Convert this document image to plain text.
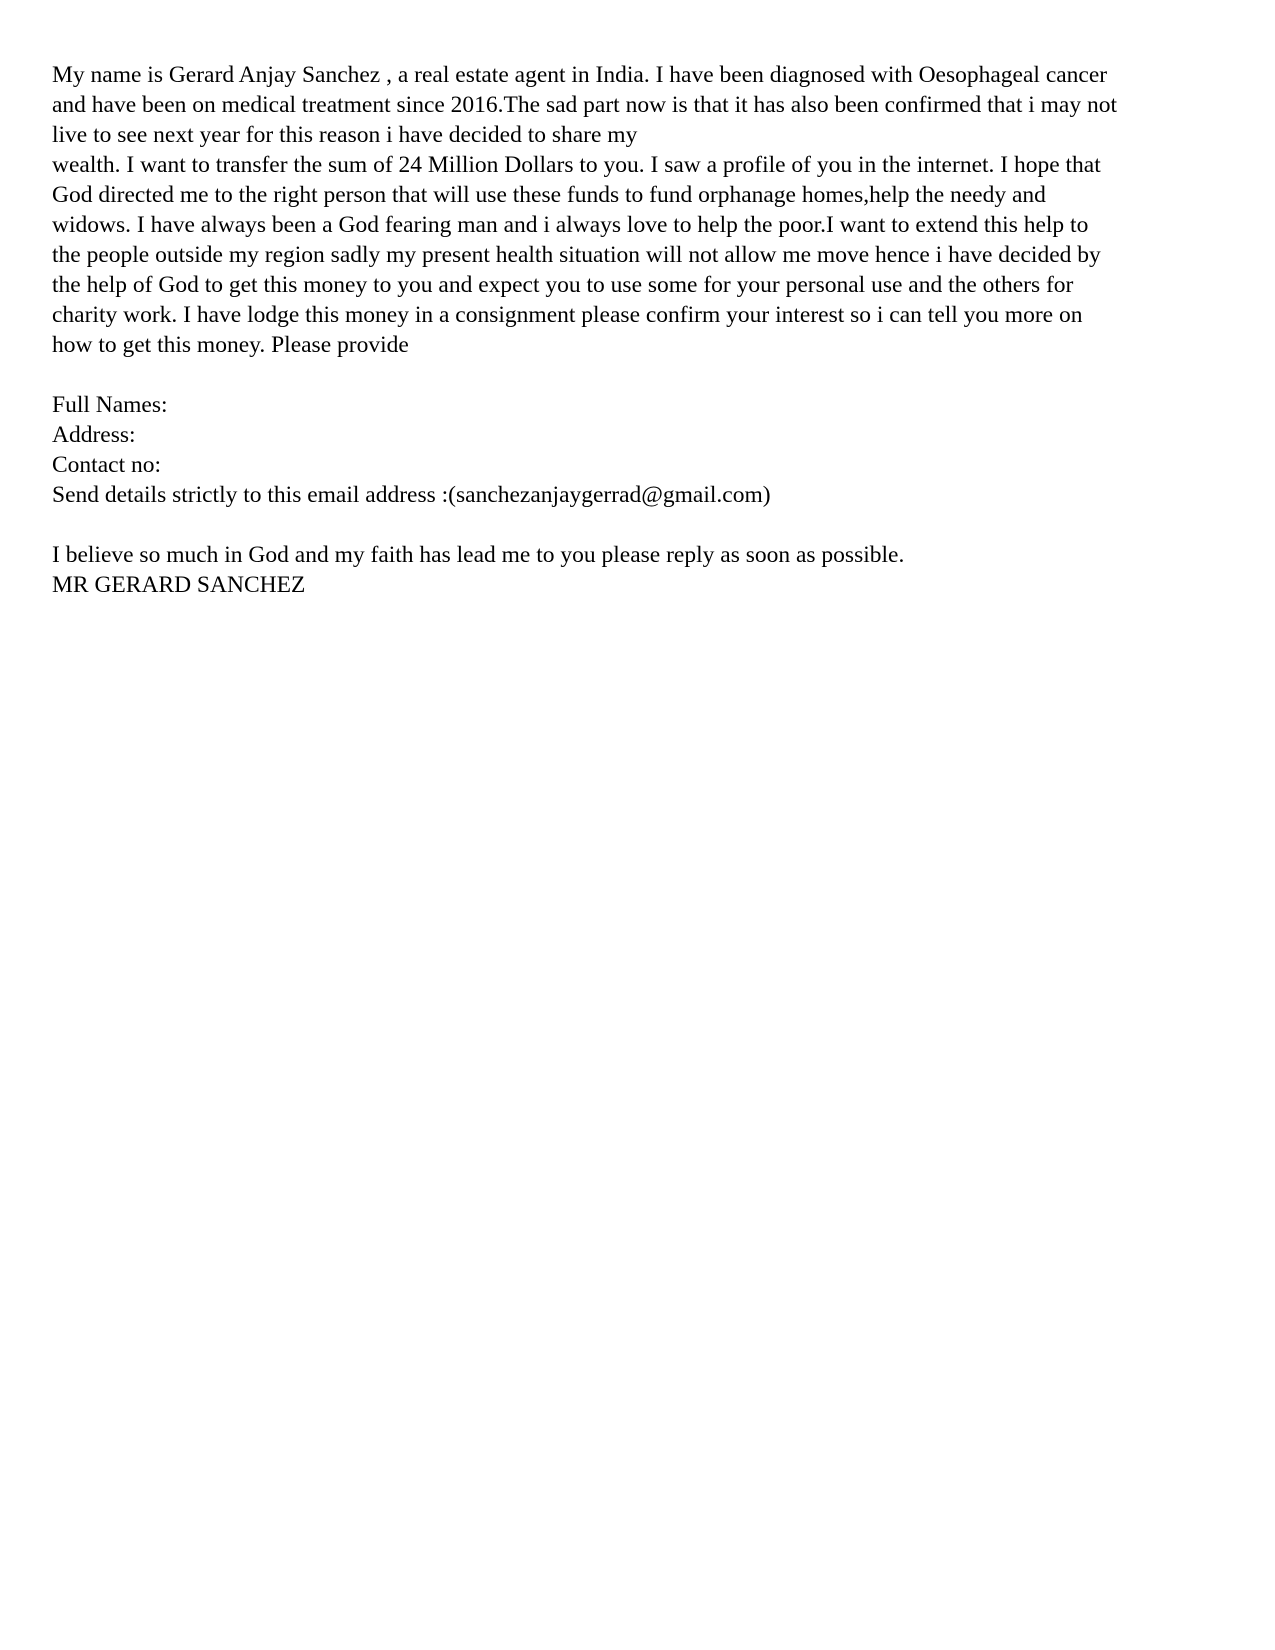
My name is Gerard Anjay Sanchez , a real estate agent in India. I have been diagnosed with Oesophageal cancer
and have been on medical treatment since 2016.The sad part now is that it has also been confirmed that i may not
live to see next year for this reason i have decided to share my
wealth. I want to transfer the sum of 24 Million Dollars to you. I saw a profile of you in the internet. I hope that
God directed me to the right person that will use these funds to fund orphanage homes,help the needy and
widows. I have always been a God fearing man and i always love to help the poor.I want to extend this help to
the people outside my region sadly my present health situation will not allow me move hence i have decided by
the help of God to get this money to you and expect you to use some for your personal use and the others for
charity work. I have lodge this money in a consignment please confirm your interest so i can tell you more on
how to get this money. Please provide
Full Names:
Address:
Contact no:
Send details strictly to this email address :(sanchezanjaygerrad@gmail.com)
I believe so much in God and my faith has lead me to you please reply as soon as possible.
MR GERARD SANCHEZ
